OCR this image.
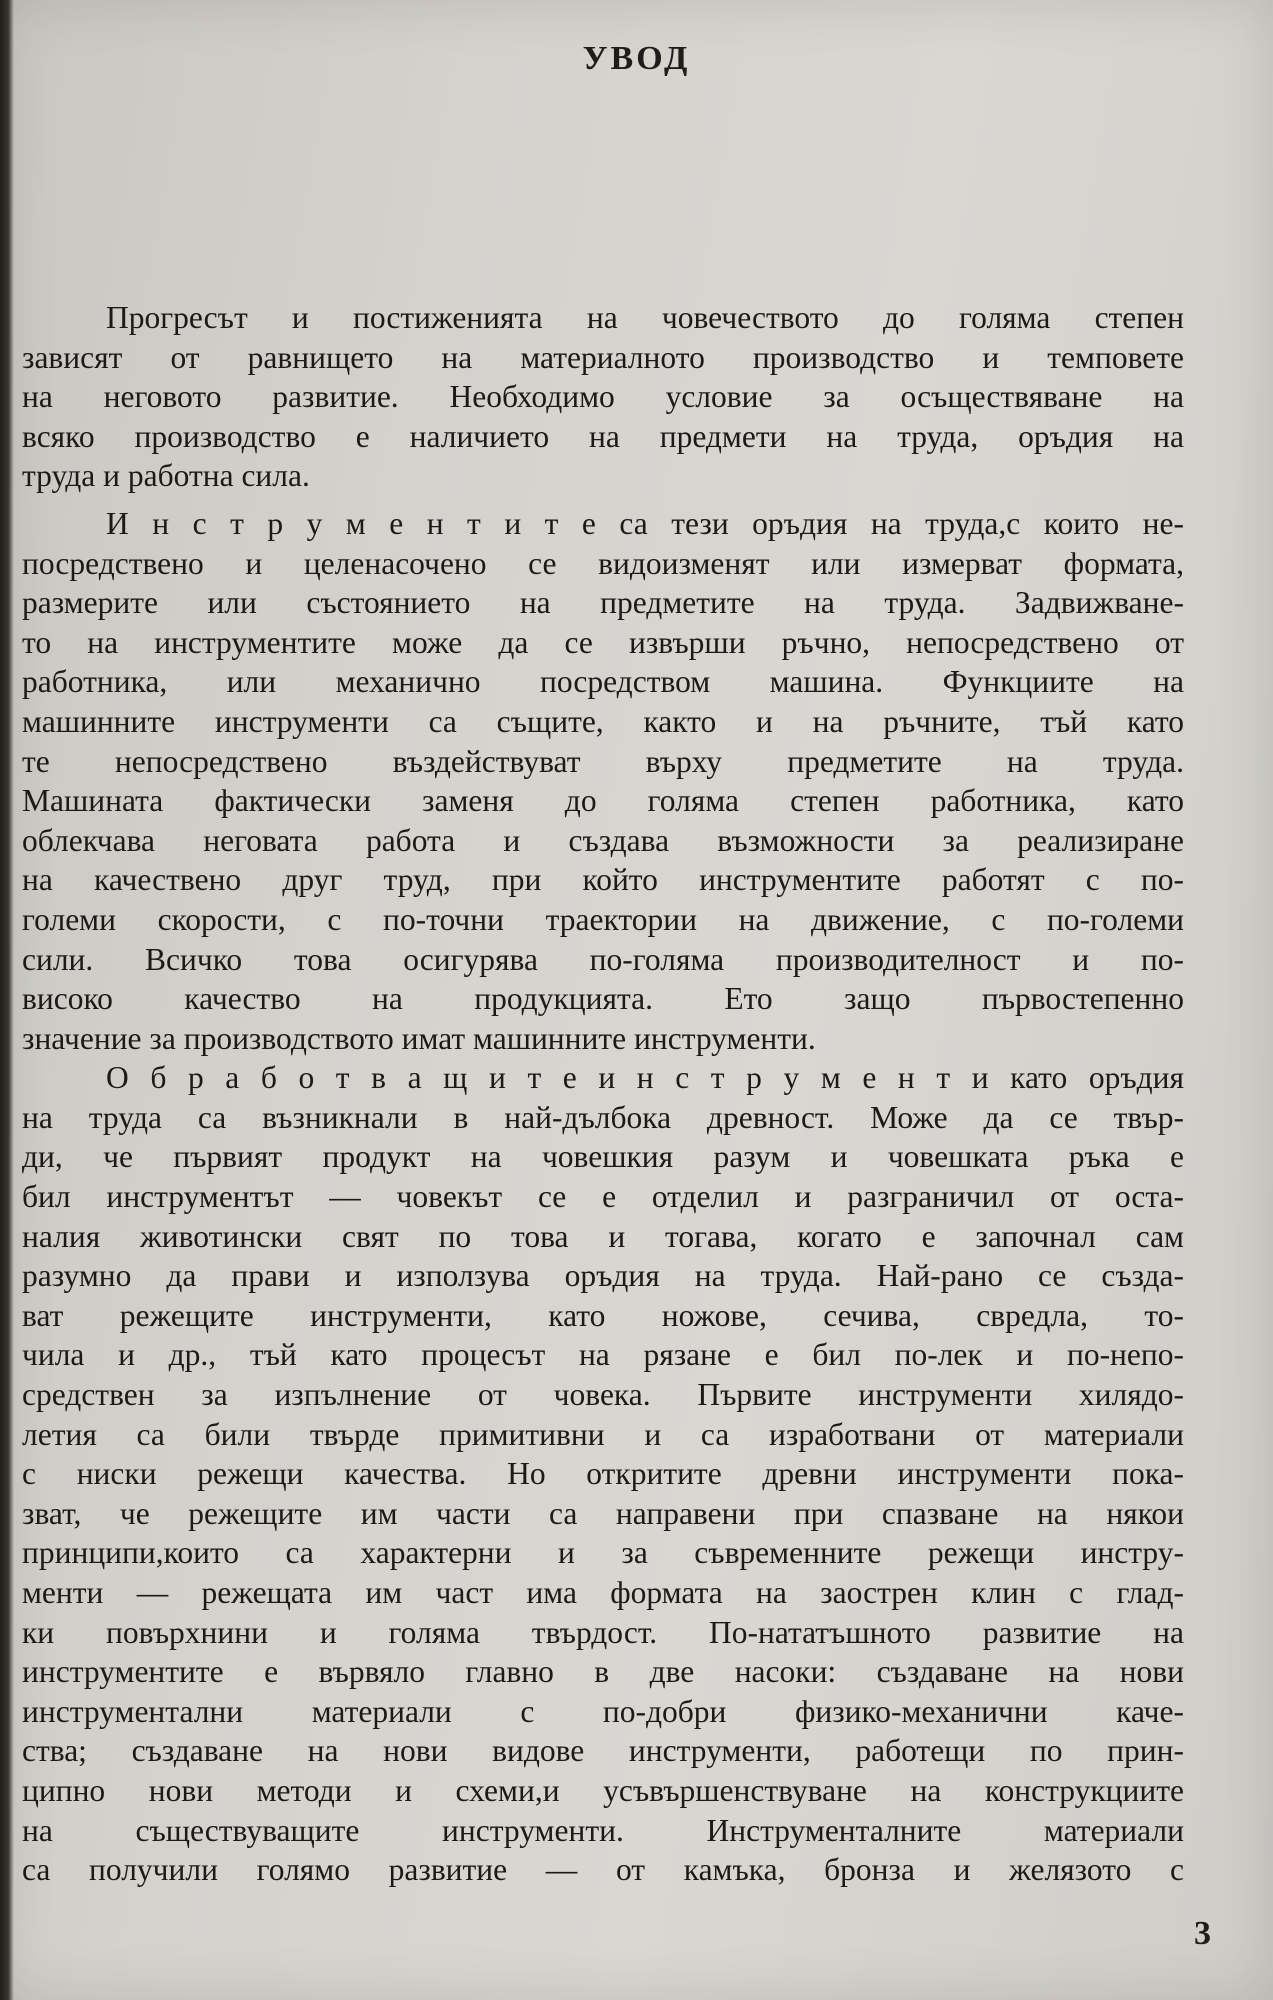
УВОД
Прогресът и постиженията на човечеството до голяма степен
зависят от равнището на материалното производство и темповете
на неговото развитие. Необходимо условие за осъществяване на
всяко производство е наличието на предмети на труда, оръдия на
труда и работна сила.
И н с т р у м е н т и т е са тези оръдия на труда,с които не-
посредствено и целенасочено се видоизменят или измерват формата,
размерите или състоянието на предметите на труда. Задвижване-
то на инструментите може да се извърши ръчно, непосредствено от
работника, или механично посредством машина. Функциите на
машинните инструменти са същите, както и на ръчните, тъй като
те непосредствено въздействуват върху предметите на труда.
Машината фактически заменя до голяма степен работника, като
облекчава неговата работа и създава възможности за реализиране
на качествено друг труд, при който инструментите работят с по-
големи скорости, с по-точни траектории на движение, с по-големи
сили. Всичко това осигурява по-голяма производителност и по-
високо качество на продукцията. Ето защо първостепенно
значение за производството имат машинните инструменти.
О б р а б о т в а щ и т е и н с т р у м е н т и като оръдия
на труда са възникнали в най-дълбока древност. Може да се твър-
ди, че първият продукт на човешкия разум и човешката ръка е
бил инструментът — човекът се е отделил и разграничил от оста-
налия животински свят по това и тогава, когато е започнал сам
разумно да прави и използува оръдия на труда. Най-рано се създа-
ват режещите инструменти, като ножове, сечива, свредла, то-
чила и др., тъй като процесът на рязане е бил по-лек и по-непо-
средствен за изпълнение от човека. Първите инструменти хилядо-
летия са били твърде примитивни и са изработвани от материали
с ниски режещи качества. Но откритите древни инструменти пока-
зват, че режещите им части са направени при спазване на някои
принципи,които са характерни и за съвременните режещи инстру-
менти — режещата им част има формата на заострен клин с глад-
ки повърхнини и голяма твърдост. По-нататъшното развитие на
инструментите е вървяло главно в две насоки: създаване на нови
инструментални материали с по-добри физико-механични каче-
ства; създаване на нови видове инструменти, работещи по прин-
ципно нови методи и схеми,и усъвършенствуване на конструкциите
на съществуващите инструменти. Инструменталните материали
са получили голямо развитие — от камъка, бронза и желязото с
3
